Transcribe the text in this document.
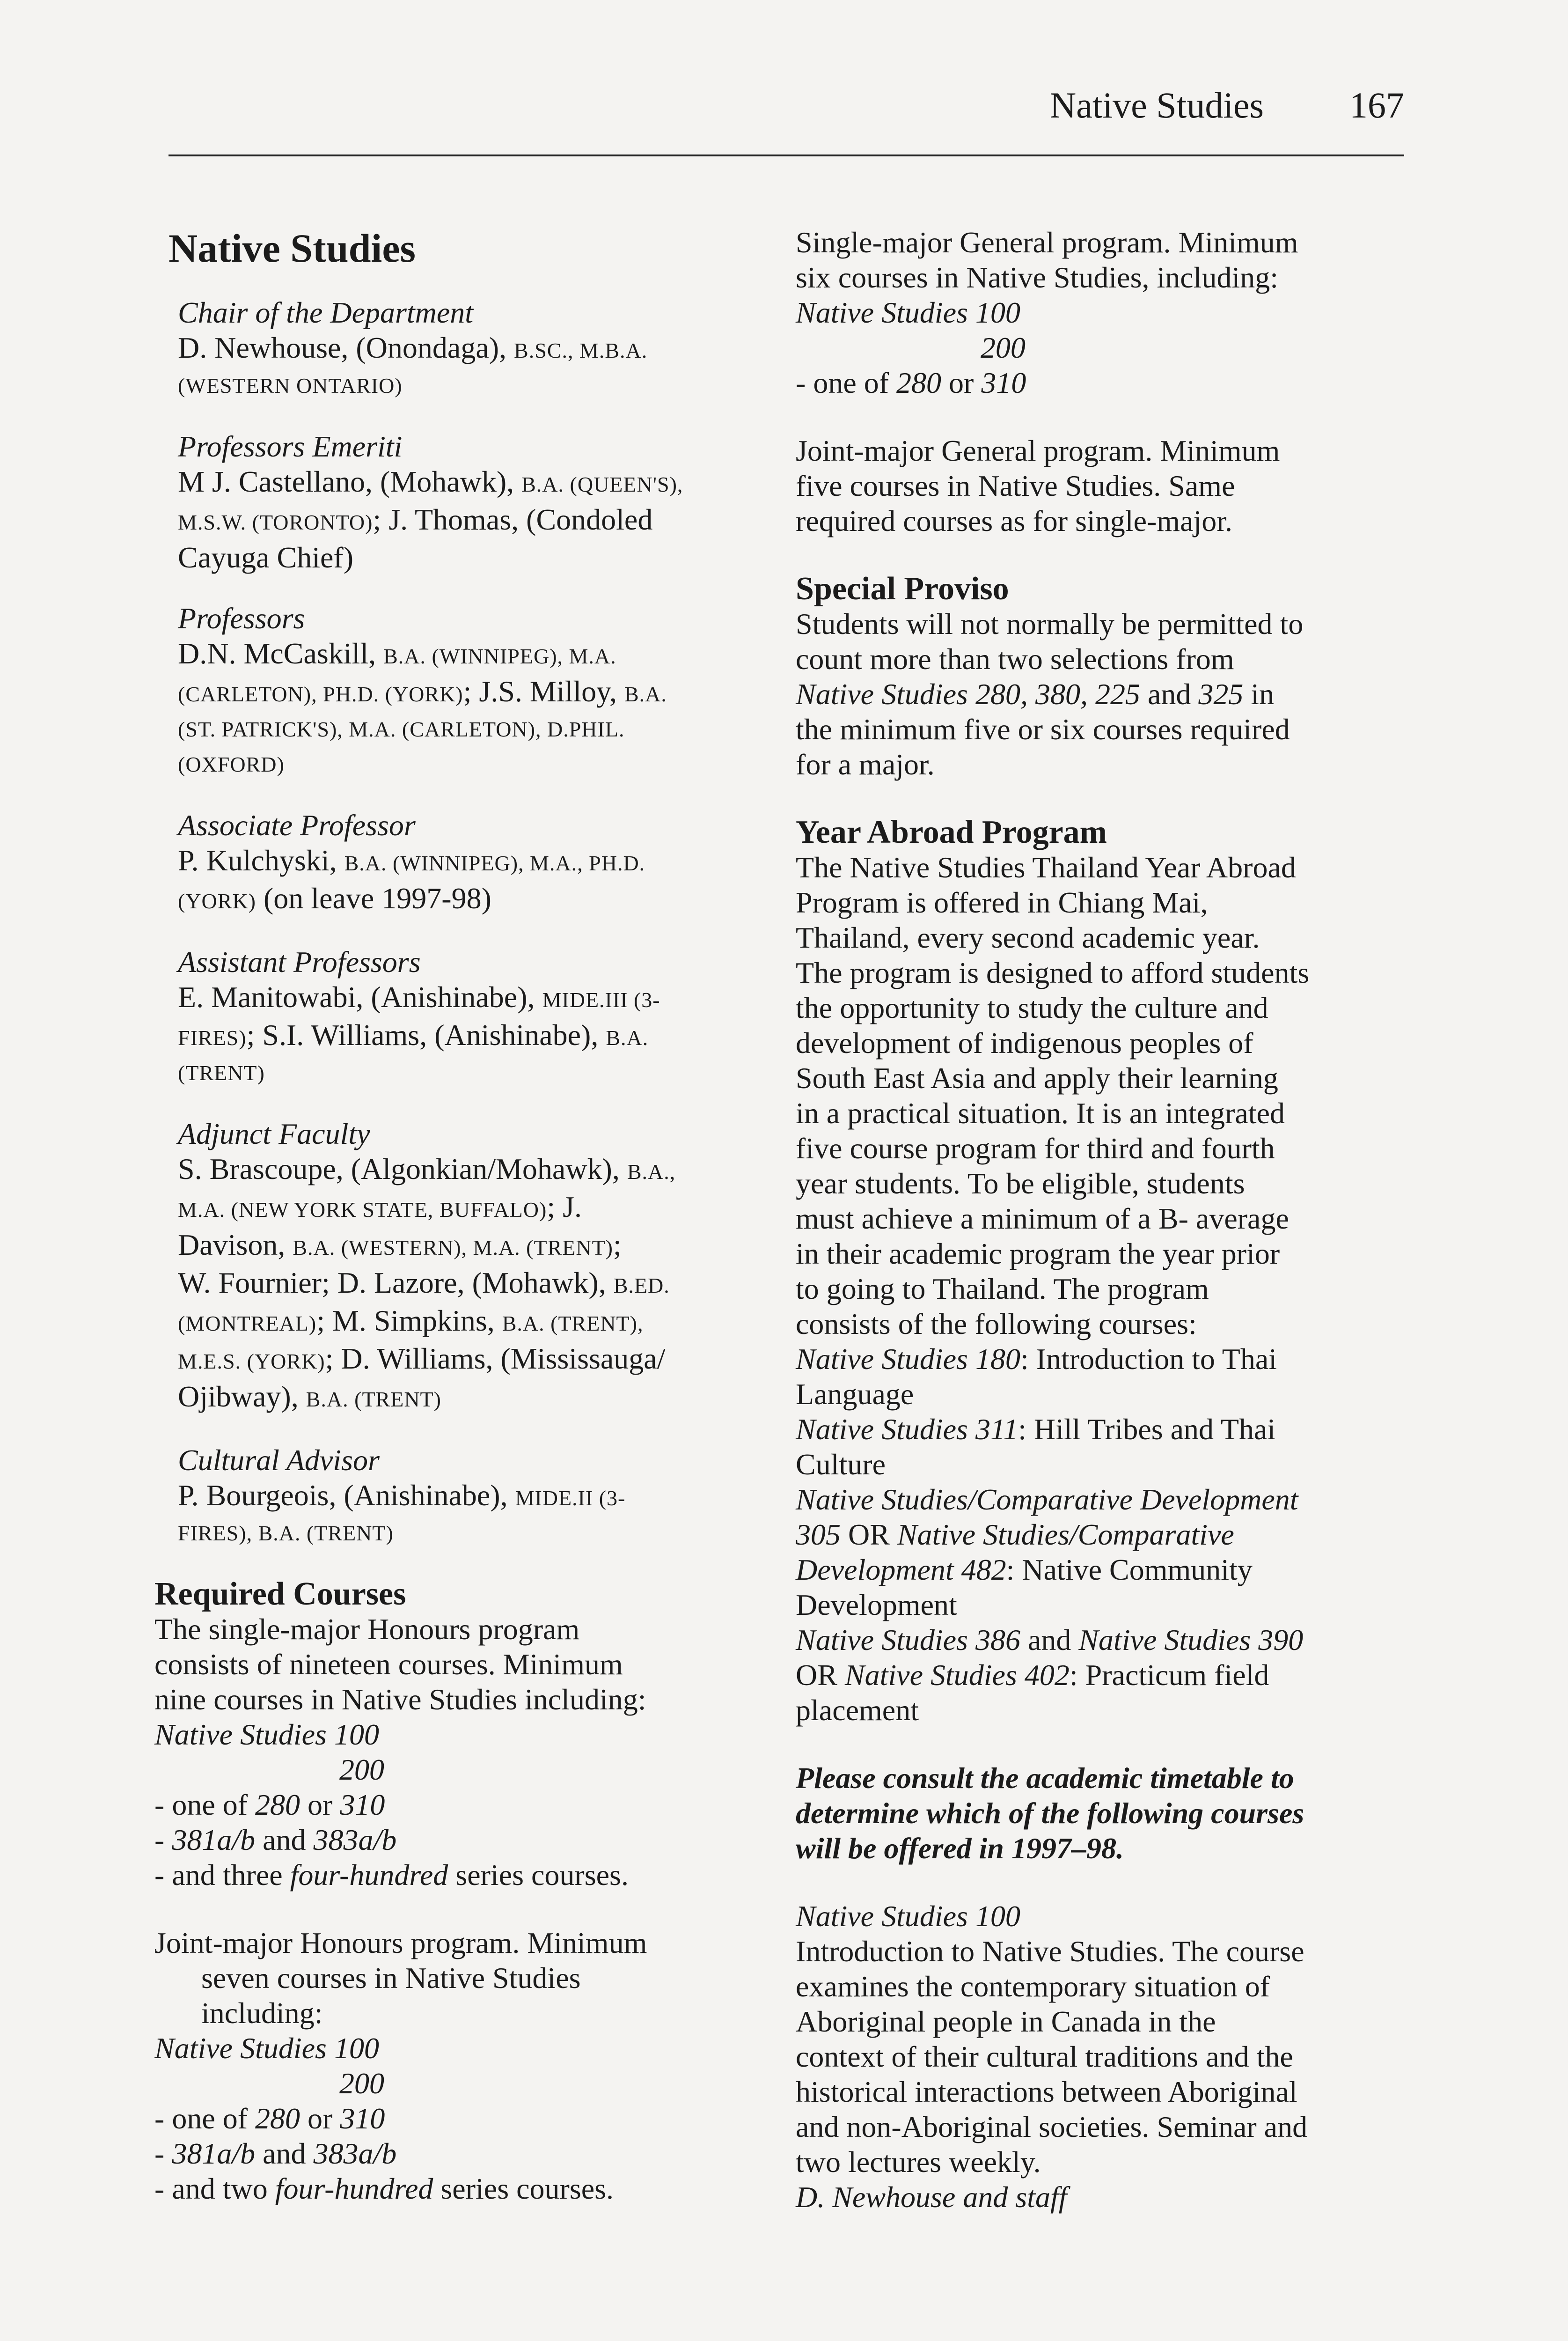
Native Studies 167
Native Studies
Chair of the Department
D. Newhouse, (Onondaga), B.SC., M.B.A.
(WESTERN ONTARIO)
Professors Emeriti
M J. Castellano, (Mohawk), B.A. (QUEEN'S),
M.S.W. (TORONTO); J. Thomas, (Condoled
Cayuga Chief)
Professors
D.N. McCaskill, B.A. (WINNIPEG), M.A.
(CARLETON), PH.D. (YORK); J.S. Milloy, B.A.
(ST. PATRICK'S), M.A. (CARLETON), D.PHIL.
(OXFORD)
Associate Professor
P. Kulchyski, B.A. (WINNIPEG), M.A., PH.D.
(YORK) (on leave 1997-98)
Assistant Professors
E. Manitowabi, (Anishinabe), MIDE.III (3-
FIRES); S.I. Williams, (Anishinabe), B.A.
(TRENT)
Adjunct Faculty
S. Brascoupe, (Algonkian/Mohawk), B.A.,
M.A. (NEW YORK STATE, BUFFALO); J.
Davison, B.A. (WESTERN), M.A. (TRENT);
W. Fournier; D. Lazore, (Mohawk), B.ED.
(MONTREAL); M. Simpkins, B.A. (TRENT),
M.E.S. (YORK); D. Williams, (Mississauga/
Ojibway), B.A. (TRENT)
Cultural Advisor
P. Bourgeois, (Anishinabe), MIDE.II (3-
FIRES), B.A. (TRENT)
Required Courses
The single-major Honours program
consists of nineteen courses. Minimum
nine courses in Native Studies including:
Native Studies 100
200
- one of 280 or 310
- 381a/b and 383a/b
- and three four-hundred series courses.
Joint-major Honours program. Minimum
seven courses in Native Studies
including:
Native Studies 100
200
- one of 280 or 310
- 381a/b and 383a/b
- and two four-hundred series courses.
Single-major General program. Minimum
six courses in Native Studies, including:
Native Studies 100
200
- one of 280 or 310
Joint-major General program. Minimum
five courses in Native Studies. Same
required courses as for single-major.
Special Proviso
Students will not normally be permitted to
count more than two selections from
Native Studies 280, 380, 225 and 325 in
the minimum five or six courses required
for a major.
Year Abroad Program
The Native Studies Thailand Year Abroad
Program is offered in Chiang Mai,
Thailand, every second academic year.
The program is designed to afford students
the opportunity to study the culture and
development of indigenous peoples of
South East Asia and apply their learning
in a practical situation. It is an integrated
five course program for third and fourth
year students. To be eligible, students
must achieve a minimum of a B- average
in their academic program the year prior
to going to Thailand. The program
consists of the following courses:
Native Studies 180: Introduction to Thai
Language
Native Studies 311: Hill Tribes and Thai
Culture
Native Studies/Comparative Development
305 OR Native Studies/Comparative
Development 482: Native Community
Development
Native Studies 386 and Native Studies 390
OR Native Studies 402: Practicum field
placement
Please consult the academic timetable to
determine which of the following courses
will be offered in 1997–98.
Native Studies 100
Introduction to Native Studies. The course
examines the contemporary situation of
Aboriginal people in Canada in the
context of their cultural traditions and the
historical interactions between Aboriginal
and non-Aboriginal societies. Seminar and
two lectures weekly.
D. Newhouse and staff
